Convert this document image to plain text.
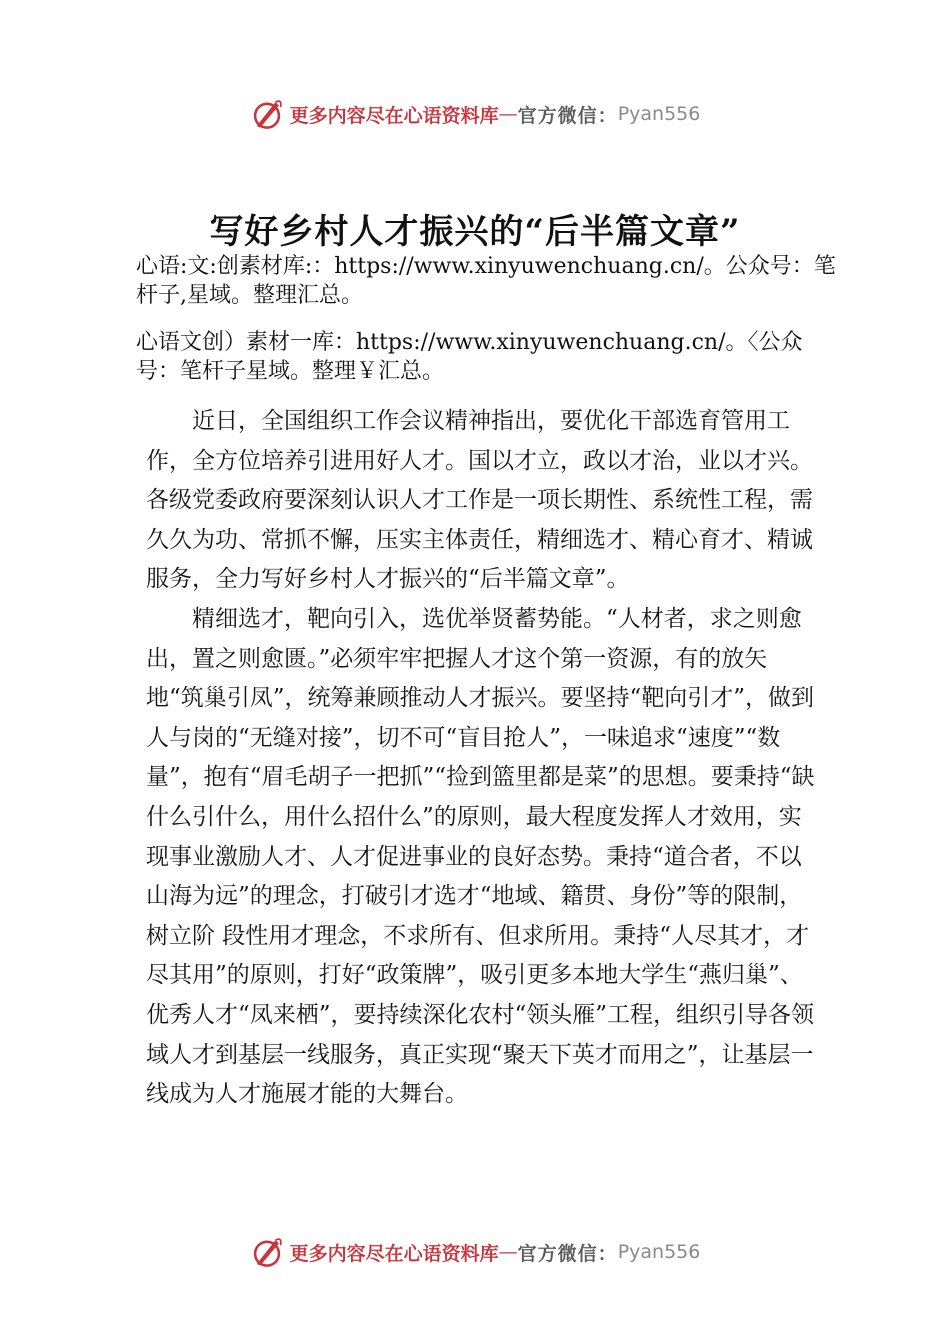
更多内容尽在心语资料库 — 官方微信： Pyan556
写好乡村人才振兴的“后半篇文章”
心语:文:创素材库:：https://www.xinyuwenchuang.cn/。公众号：笔杆子,星域。整理汇总。
心语文创）素材一库：https://www.xinyuwenchuang.cn/。〈公众号：笔杆子星域。整理￥汇总。

近日，全国组织工作会议精神指出，要优化干部选育管用工作，全方位培养引进用好人才。国以才立，政以才治，业以才兴。各级党委政府要深刻认识人才工作是一项长期性、系统性工程，需久久为功、常抓不懈，压实主体责任，精细选才、精心育才、精诚服务，全力写好乡村人才振兴的“后半篇文章”。

精细选才，靶向引入，选优举贤蓄势能。“人材者，求之则愈出，置之则愈匮。”必须牢牢把握人才这个第一资源，有的放矢地“筑巢引凤”，统筹兼顾推动人才振兴。要坚持“靶向引才”，做到人与岗的“无缝对接”，切不可“盲目抢人”，一味追求“速度”“数量”，抱有“眉毛胡子一把抓”“捡到篮里都是菜”的思想。要秉持“缺什么引什么，用什么招什么”的原则，最大程度发挥人才效用，实现事业激励人才、人才促进事业的良好态势。秉持“道合者，不以山海为远”的理念，打破引才选才“地域、籍贯、身份”等的限制，树立阶 段性用才理念，不求所有、但求所用。秉持“人尽其才，才尽其用”的原则，打好“政策牌”，吸引更多本地大学生“燕归巢”、优秀人才“凤来栖”，要持续深化农村“领头雁”工程，组织引导各领域人才到基层一线服务，真正实现“聚天下英才而用之”，让基层一线成为人才施展才能的大舞台。

更多内容尽在心语资料库 — 官方微信： Pyan556
